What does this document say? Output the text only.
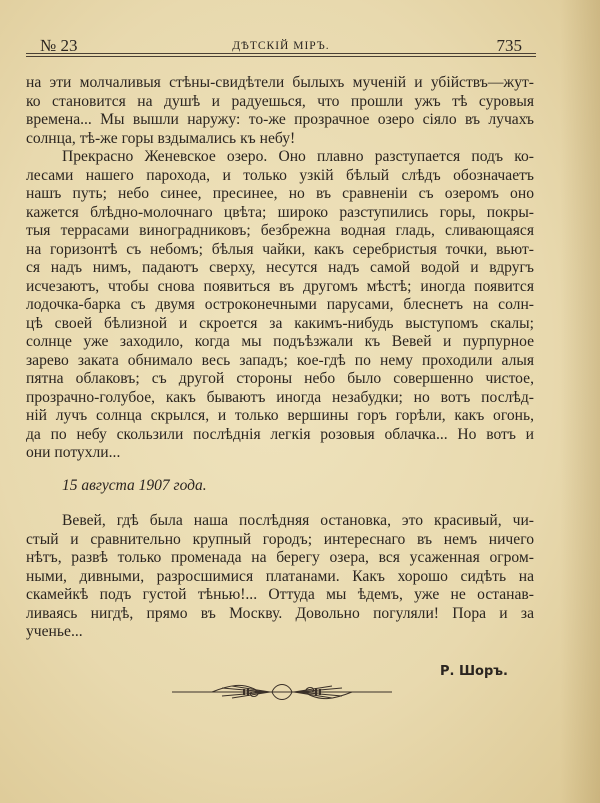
№ 23	ДѢТСКІЙ МІРЪ.	735
на эти молчаливыя стѣны-свидѣтели былыхъ мученій и убійствъ—жут-
ко становится на душѣ и радуешься, что прошли ужъ тѣ суровыя
времена... Мы вышли наружу: то-же прозрачное озеро сіяло въ лучахъ
солнца, тѣ-же горы вздымались къ небу!
Прекрасно Женевское озеро. Оно плавно разступается подъ ко-
лесами нашего парохода, и только узкій бѣлый слѣдъ обозначаетъ
нашъ путь; небо синее, пресинее, но въ сравненіи съ озеромъ оно
кажется блѣдно-молочнаго цвѣта; широко разступились горы, покры-
тыя террасами виноградниковъ; безбрежна водная гладь, сливающаяся
на горизонтѣ съ небомъ; бѣлыя чайки, какъ серебристыя точки, вьют-
ся надъ нимъ, падаютъ сверху, несутся надъ самой водой и вдругъ
исчезаютъ, чтобы снова появиться въ другомъ мѣстѣ; иногда появится
лодочка-барка съ двумя остроконечными парусами, блеснетъ на солн-
цѣ своей бѣлизной и скроется за какимъ-нибудь выступомъ скалы;
солнце уже заходило, когда мы подъѣзжали къ Вевей и пурпурное
зарево заката обнимало весь западъ; кое-гдѣ по нему проходили алыя
пятна облаковъ; съ другой стороны небо было совершенно чистое,
прозрачно-голубое, какъ бываютъ иногда незабудки; но вотъ послѣд-
ній лучъ солнца скрылся, и только вершины горъ горѣли, какъ огонь,
да по небу скользили послѣднія легкія розовыя облачка... Но вотъ и
они потухли...
15 августа 1907 года.
Вевей, гдѣ была наша послѣдняя остановка, это красивый, чи-
стый и сравнительно крупный городъ; интереснаго въ немъ ничего
нѣтъ, развѣ только променада на берегу озера, вся усаженная огром-
ными, дивными, разросшимися платанами. Какъ хорошо сидѣть на
скамейкѣ подъ густой тѣнью!... Оттуда мы ѣдемъ, уже не останав-
ливаясь нигдѣ, прямо въ Москву. Довольно погуляли! Пора и за
ученье...
Р. Шоръ.
